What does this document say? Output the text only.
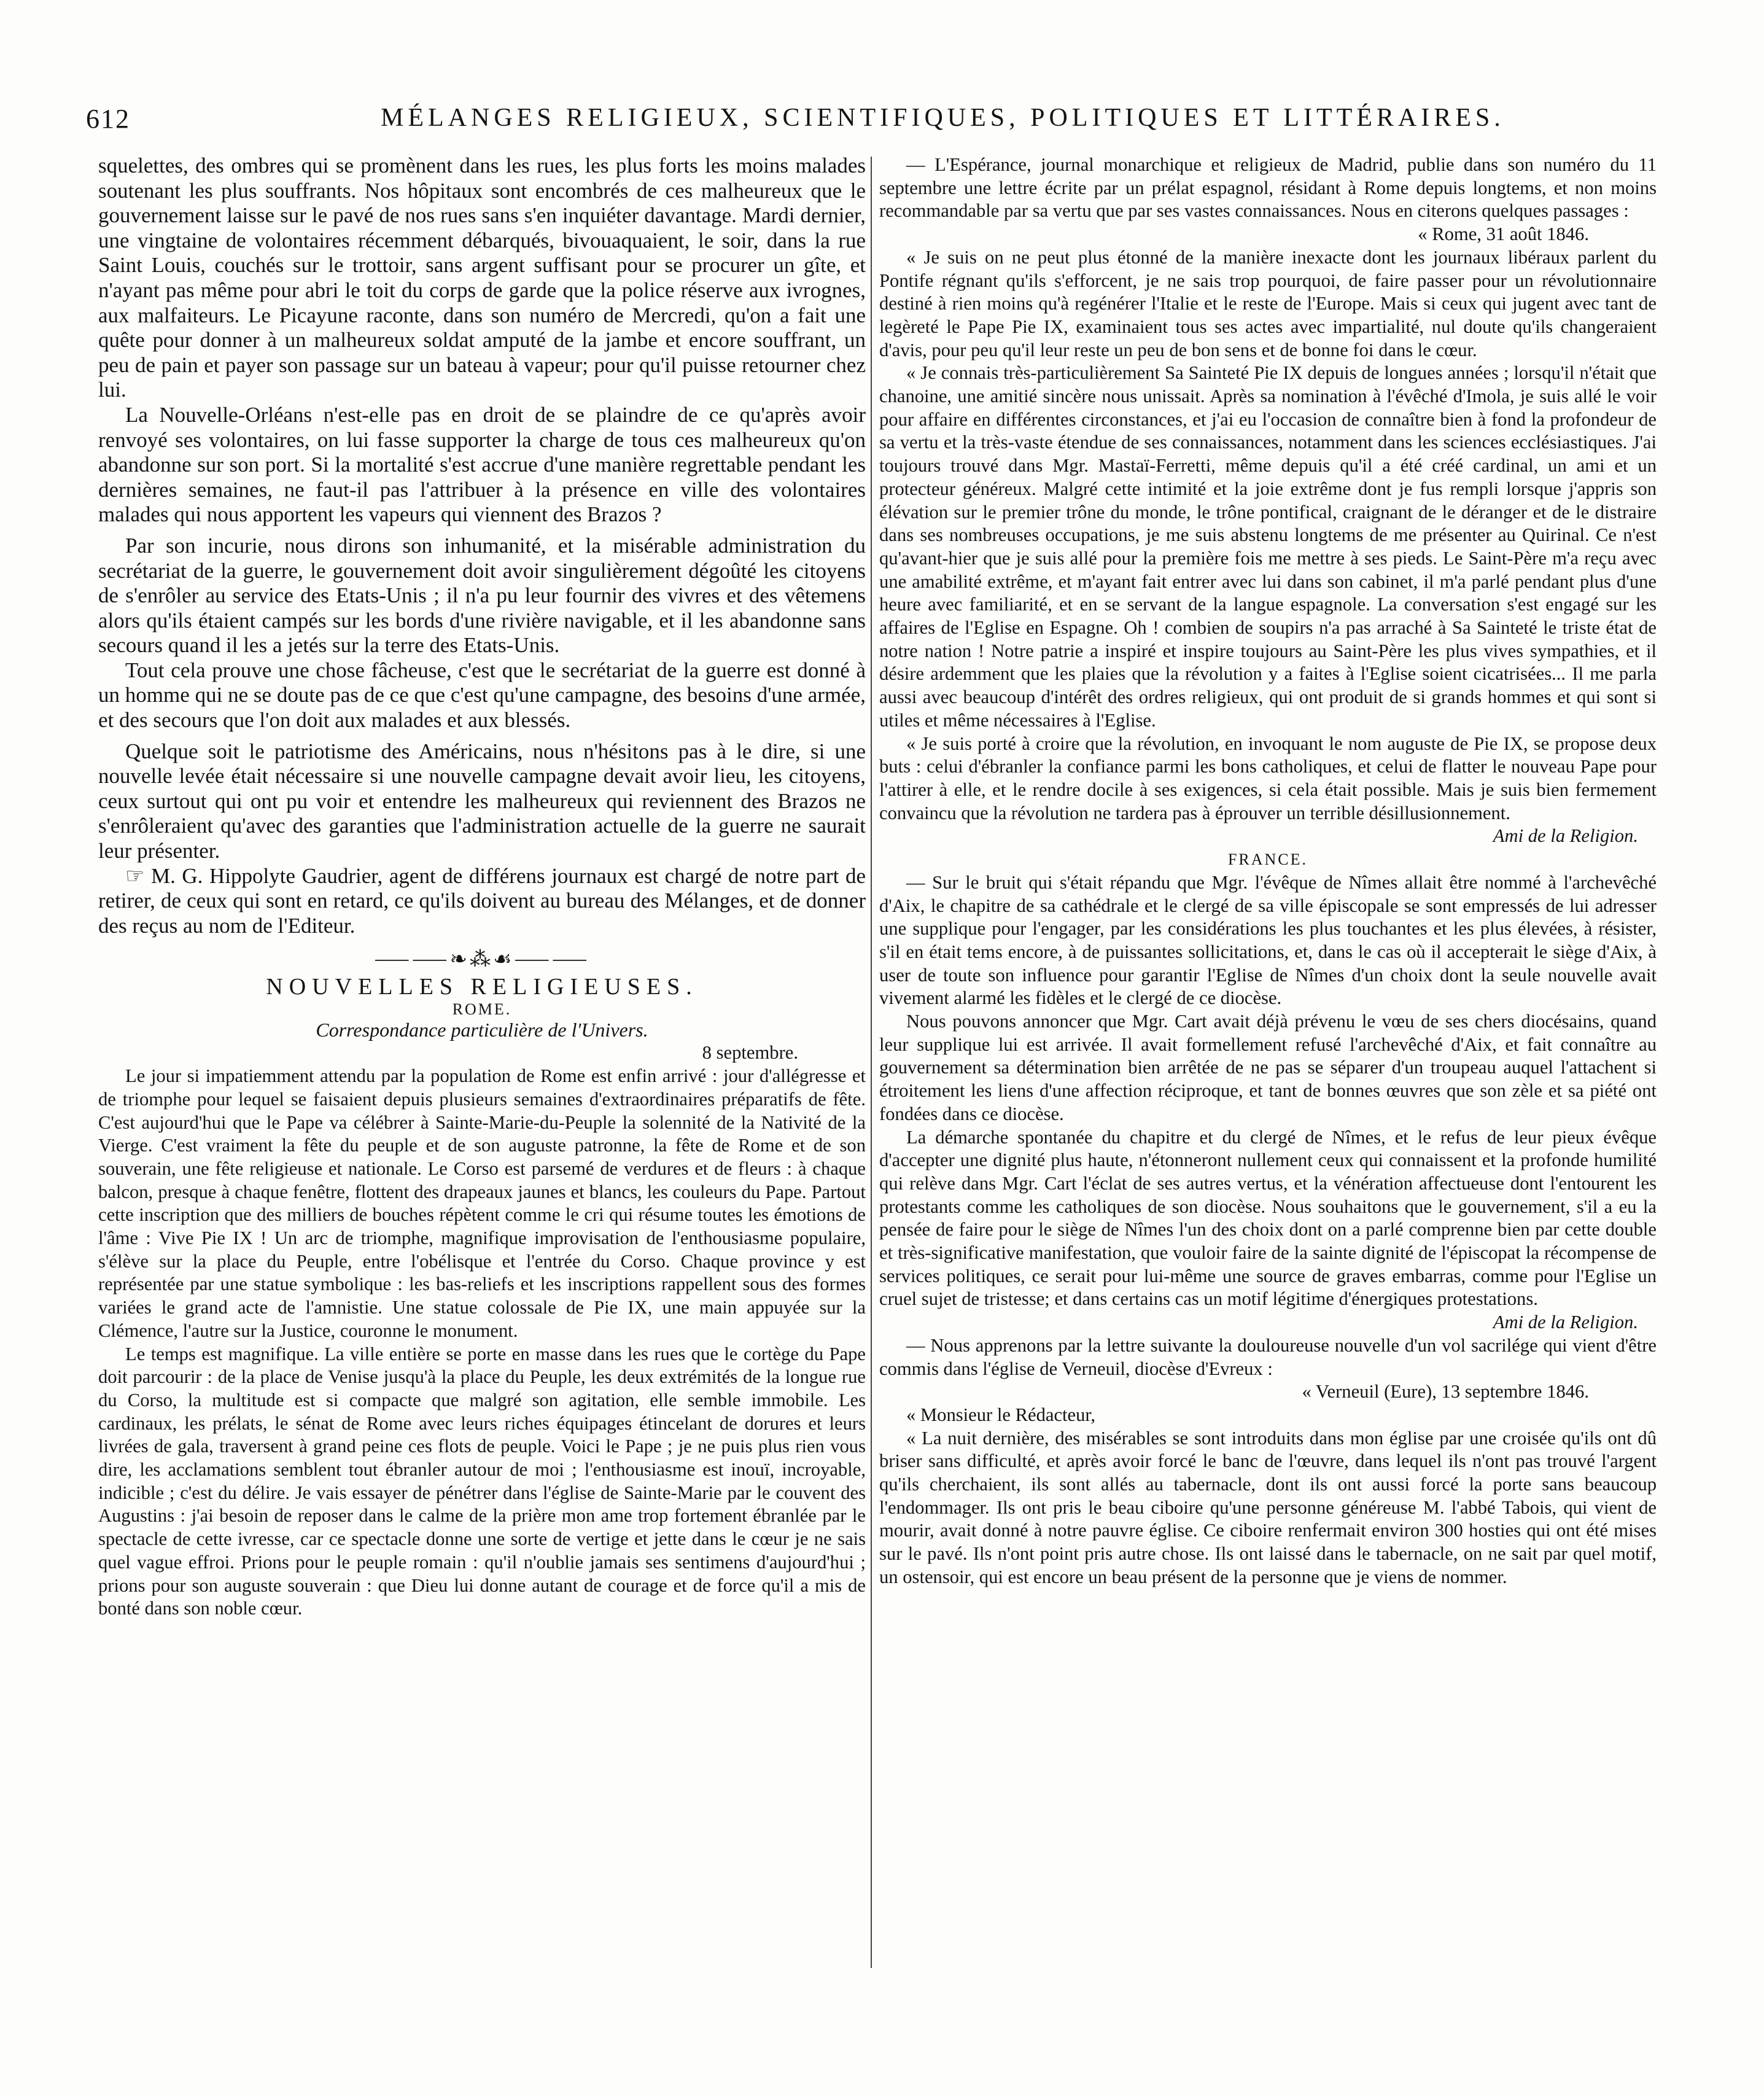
612	MÉLANGES RELIGIEUX, SCIENTIFIQUES, POLITIQUES ET LITTÉRAIRES.

squelettes, des ombres qui se promènent dans les rues, les plus forts les moins malades soutenant les plus souffrants. Nos hôpitaux sont encombrés de ces malheureux que le gouvernement laisse sur le pavé de nos rues sans s'en inquiéter davantage. Mardi dernier, une vingtaine de volontaires récemment débarqués, bivouaquaient, le soir, dans la rue Saint Louis, couchés sur le trottoir, sans argent suffisant pour se procurer un gîte, et n'ayant pas même pour abri le toit du corps de garde que la police réserve aux ivrognes, aux malfaiteurs. Le Picayune raconte, dans son numéro de Mercredi, qu'on a fait une quête pour donner à un malheureux soldat amputé de la jambe et encore souffrant, un peu de pain et payer son passage sur un bateau à vapeur; pour qu'il puisse retourner chez lui.

La Nouvelle-Orléans n'est-elle pas en droit de se plaindre de ce qu'après avoir renvoyé ses volontaires, on lui fasse supporter la charge de tous ces malheureux qu'on abandonne sur son port. Si la mortalité s'est accrue d'une manière regrettable pendant les dernières semaines, ne faut-il pas l'attribuer à la présence en ville des volontaires malades qui nous apportent les vapeurs qui viennent des Brazos ?

Par son incurie, nous dirons son inhumanité, et la misérable administration du secrétariat de la guerre, le gouvernement doit avoir singulièrement dégoûté les citoyens de s'enrôler au service des Etats-Unis ; il n'a pu leur fournir des vivres et des vêtemens alors qu'ils étaient campés sur les bords d'une rivière navigable, et il les abandonne sans secours quand il les a jetés sur la terre des Etats-Unis.

Tout cela prouve une chose fâcheuse, c'est que le secrétariat de la guerre est donné à un homme qui ne se doute pas de ce que c'est qu'une campagne, des besoins d'une armée, et des secours que l'on doit aux malades et aux blessés.

Quelque soit le patriotisme des Américains, nous n'hésitons pas à le dire, si une nouvelle levée était nécessaire si une nouvelle campagne devait avoir lieu, les citoyens, ceux surtout qui ont pu voir et entendre les malheureux qui reviennent des Brazos ne s'enrôleraient qu'avec des garanties que l'administration actuelle de la guerre ne saurait leur présenter.

☞ M. G. Hippolyte Gaudrier, agent de différens journaux est chargé de notre part de retirer, de ceux qui sont en retard, ce qu'ils doivent au bureau des Mélanges, et de donner des reçus au nom de l'Editeur.

⸺⸺❧⁂☙⸺⸺
NOUVELLES RELIGIEUSES.
ROME.
Correspondance particulière de l'Univers.

8 septembre.

Le jour si impatiemment attendu par la population de Rome est enfin arrivé : jour d'allégresse et de triomphe pour lequel se faisaient depuis plusieurs semaines d'extraordinaires préparatifs de fête. C'est aujourd'hui que le Pape va célébrer à Sainte-Marie-du-Peuple la solennité de la Nativité de la Vierge. C'est vraiment la fête du peuple et de son auguste patronne, la fête de Rome et de son souverain, une fête religieuse et nationale. Le Corso est parsemé de verdures et de fleurs : à chaque balcon, presque à chaque fenêtre, flottent des drapeaux jaunes et blancs, les couleurs du Pape. Partout cette inscription que des milliers de bouches répètent comme le cri qui résume toutes les émotions de l'âme : Vive Pie IX ! Un arc de triomphe, magnifique improvisation de l'enthousiasme populaire, s'élève sur la place du Peuple, entre l'obélisque et l'entrée du Corso. Chaque province y est représentée par une statue symbolique : les bas-reliefs et les inscriptions rappellent sous des formes variées le grand acte de l'amnistie. Une statue colossale de Pie IX, une main appuyée sur la Clémence, l'autre sur la Justice, couronne le monument.

Le temps est magnifique. La ville entière se porte en masse dans les rues que le cortège du Pape doit parcourir : de la place de Venise jusqu'à la place du Peuple, les deux extrémités de la longue rue du Corso, la multitude est si compacte que malgré son agitation, elle semble immobile. Les cardinaux, les prélats, le sénat de Rome avec leurs riches équipages étincelant de dorures et leurs livrées de gala, traversent à grand peine ces flots de peuple. Voici le Pape ; je ne puis plus rien vous dire, les acclamations semblent tout ébranler autour de moi ; l'enthousiasme est inouï, incroyable, indicible ; c'est du délire. Je vais essayer de pénétrer dans l'église de Sainte-Marie par le couvent des Augustins : j'ai besoin de reposer dans le calme de la prière mon ame trop fortement ébranlée par le spectacle de cette ivresse, car ce spectacle donne une sorte de vertige et jette dans le cœur je ne sais quel vague effroi. Prions pour le peuple romain : qu'il n'oublie jamais ses sentimens d'aujourd'hui ; prions pour son auguste souverain : que Dieu lui donne autant de courage et de force qu'il a mis de bonté dans son noble cœur.

— L'Espérance, journal monarchique et religieux de Madrid, publie dans son numéro du 11 septembre une lettre écrite par un prélat espagnol, résidant à Rome depuis longtems, et non moins recommandable par sa vertu que par ses vastes connaissances. Nous en citerons quelques passages :

« Rome, 31 août 1846.

« Je suis on ne peut plus étonné de la manière inexacte dont les journaux libéraux parlent du Pontife régnant qu'ils s'efforcent, je ne sais trop pourquoi, de faire passer pour un révolutionnaire destiné à rien moins qu'à regénérer l'Italie et le reste de l'Europe. Mais si ceux qui jugent avec tant de legèreté le Pape Pie IX, examinaient tous ses actes avec impartialité, nul doute qu'ils changeraient d'avis, pour peu qu'il leur reste un peu de bon sens et de bonne foi dans le cœur.

« Je connais très-particulièrement Sa Sainteté Pie IX depuis de longues années ; lorsqu'il n'était que chanoine, une amitié sincère nous unissait. Après sa nomination à l'évêché d'Imola, je suis allé le voir pour affaire en différentes circonstances, et j'ai eu l'occasion de connaître bien à fond la profondeur de sa vertu et la très-vaste étendue de ses connaissances, notamment dans les sciences ecclésiastiques. J'ai toujours trouvé dans Mgr. Mastaï-Ferretti, même depuis qu'il a été créé cardinal, un ami et un protecteur généreux. Malgré cette intimité et la joie extrême dont je fus rempli lorsque j'appris son élévation sur le premier trône du monde, le trône pontifical, craignant de le déranger et de le distraire dans ses nombreuses occupations, je me suis abstenu longtems de me présenter au Quirinal. Ce n'est qu'avant-hier que je suis allé pour la première fois me mettre à ses pieds. Le Saint-Père m'a reçu avec une amabilité extrême, et m'ayant fait entrer avec lui dans son cabinet, il m'a parlé pendant plus d'une heure avec familiarité, et en se servant de la langue espagnole. La conversation s'est engagé sur les affaires de l'Eglise en Espagne. Oh ! combien de soupirs n'a pas arraché à Sa Sainteté le triste état de notre nation ! Notre patrie a inspiré et inspire toujours au Saint-Père les plus vives sympathies, et il désire ardemment que les plaies que la révolution y a faites à l'Eglise soient cicatrisées... Il me parla aussi avec beaucoup d'intérêt des ordres religieux, qui ont produit de si grands hommes et qui sont si utiles et même nécessaires à l'Eglise.

« Je suis porté à croire que la révolution, en invoquant le nom auguste de Pie IX, se propose deux buts : celui d'ébranler la confiance parmi les bons catholiques, et celui de flatter le nouveau Pape pour l'attirer à elle, et le rendre docile à ses exigences, si cela était possible. Mais je suis bien fermement convaincu que la révolution ne tardera pas à éprouver un terrible désillusionnement.

Ami de la Religion.

FRANCE.

— Sur le bruit qui s'était répandu que Mgr. l'évêque de Nîmes allait être nommé à l'archevêché d'Aix, le chapitre de sa cathédrale et le clergé de sa ville épiscopale se sont empressés de lui adresser une supplique pour l'engager, par les considérations les plus touchantes et les plus élevées, à résister, s'il en était tems encore, à de puissantes sollicitations, et, dans le cas où il accepterait le siège d'Aix, à user de toute son influence pour garantir l'Eglise de Nîmes d'un choix dont la seule nouvelle avait vivement alarmé les fidèles et le clergé de ce diocèse.

Nous pouvons annoncer que Mgr. Cart avait déjà prévenu le vœu de ses chers diocésains, quand leur supplique lui est arrivée. Il avait formellement refusé l'archevêché d'Aix, et fait connaître au gouvernement sa détermination bien arrêtée de ne pas se séparer d'un troupeau auquel l'attachent si étroitement les liens d'une affection réciproque, et tant de bonnes œuvres que son zèle et sa piété ont fondées dans ce diocèse.

La démarche spontanée du chapitre et du clergé de Nîmes, et le refus de leur pieux évêque d'accepter une dignité plus haute, n'étonneront nullement ceux qui connaissent et la profonde humilité qui relève dans Mgr. Cart l'éclat de ses autres vertus, et la vénération affectueuse dont l'entourent les protestants comme les catholiques de son diocèse. Nous souhaitons que le gouvernement, s'il a eu la pensée de faire pour le siège de Nîmes l'un des choix dont on a parlé comprenne bien par cette double et très-significative manifestation, que vouloir faire de la sainte dignité de l'épiscopat la récompense de services politiques, ce serait pour lui-même une source de graves embarras, comme pour l'Eglise un cruel sujet de tristesse; et dans certains cas un motif légitime d'énergiques protestations.

Ami de la Religion.

— Nous apprenons par la lettre suivante la douloureuse nouvelle d'un vol sacrilége qui vient d'être commis dans l'église de Verneuil, diocèse d'Evreux :

« Verneuil (Eure), 13 septembre 1846.

« Monsieur le Rédacteur,

« La nuit dernière, des misérables se sont introduits dans mon église par une croisée qu'ils ont dû briser sans difficulté, et après avoir forcé le banc de l'œuvre, dans lequel ils n'ont pas trouvé l'argent qu'ils cherchaient, ils sont allés au tabernacle, dont ils ont aussi forcé la porte sans beaucoup l'endommager. Ils ont pris le beau ciboire qu'une personne généreuse M. l'abbé Tabois, qui vient de mourir, avait donné à notre pauvre église. Ce ciboire renfermait environ 300 hosties qui ont été mises sur le pavé. Ils n'ont point pris autre chose. Ils ont laissé dans le tabernacle, on ne sait par quel motif, un ostensoir, qui est encore un beau présent de la personne que je viens de nommer.
